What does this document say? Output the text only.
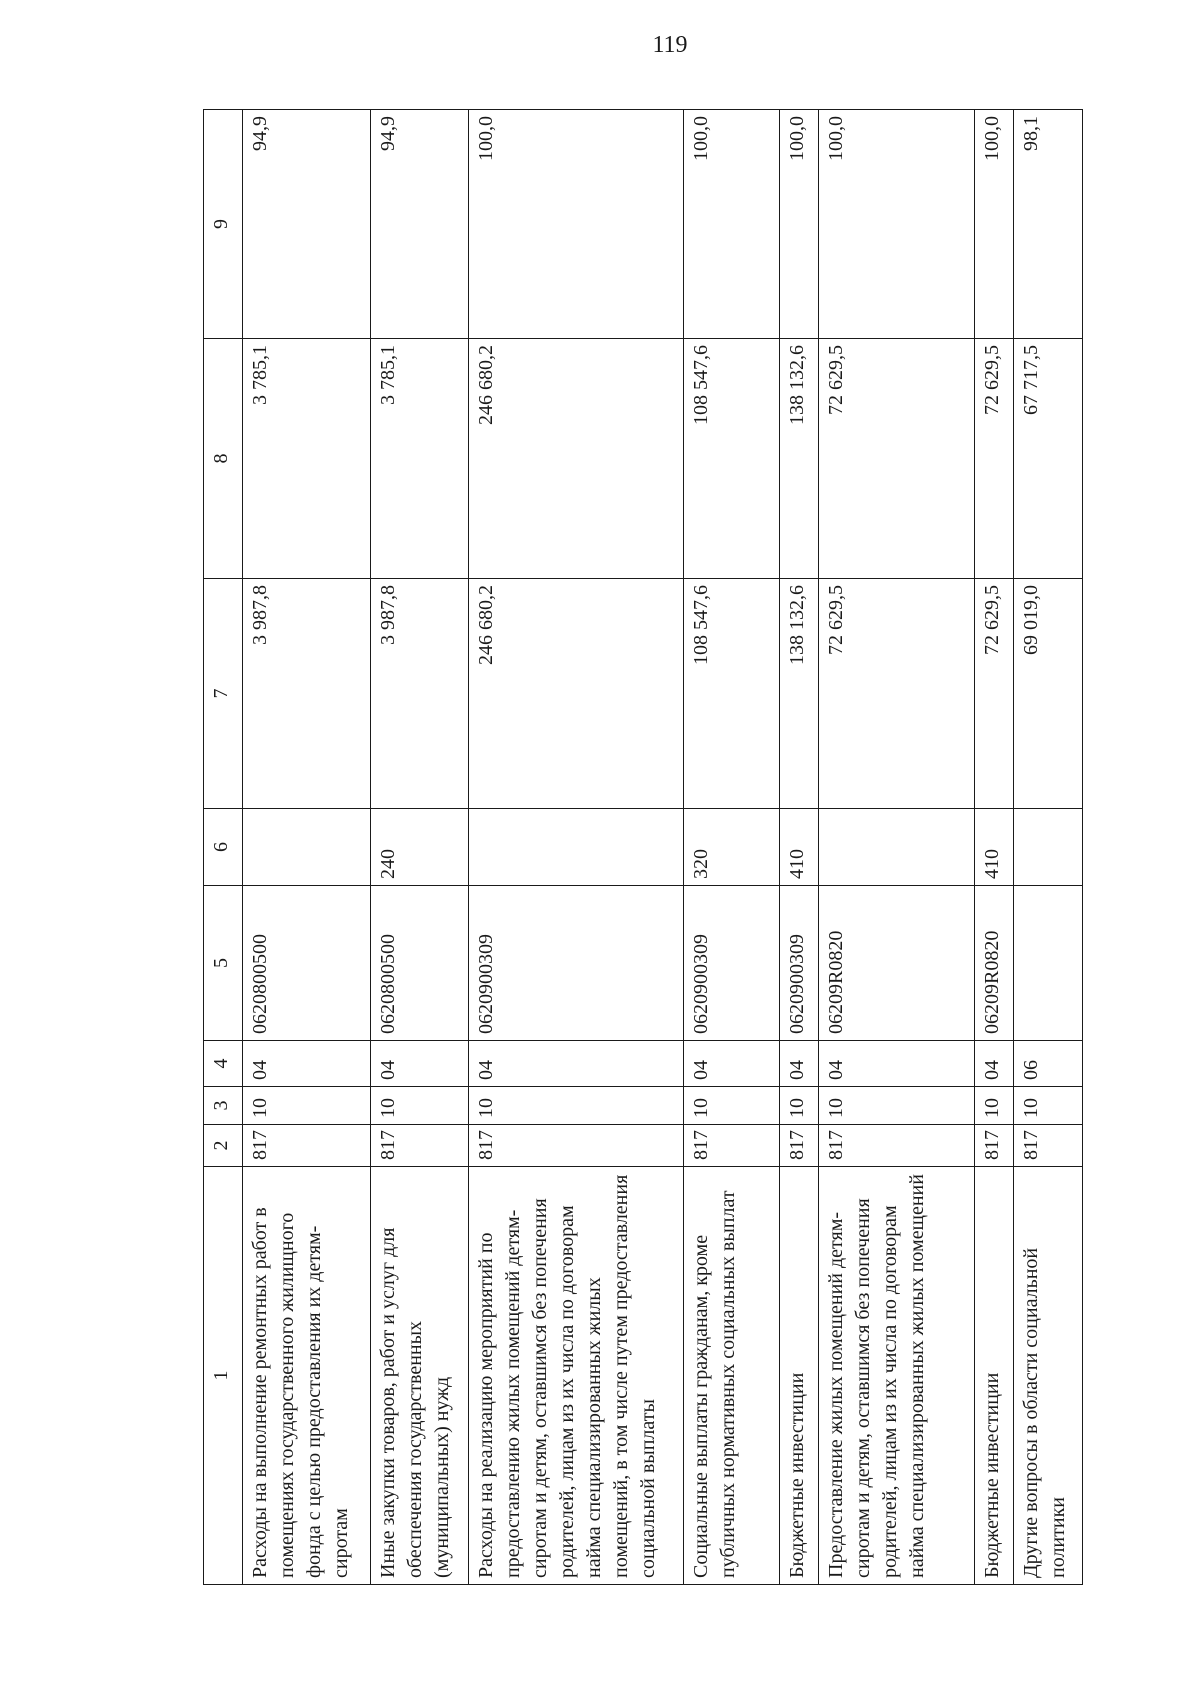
119
1	2	3	4	5	6	7	8	9
Расходы на выполнение ремонтных работ в помещениях государственного жилищного фонда с целью предоставления их детям-сиротам	817	10	04	0620800500		3 987,8	3 785,1	94,9
Иные закупки товаров, работ и услуг для обеспечения государственных (муниципальных) нужд	817	10	04	0620800500	240	3 987,8	3 785,1	94,9
Расходы на реализацию мероприятий по предоставлению жилых помещений детям-сиротам и детям, оставшимся без попечения родителей, лицам из их числа по договорам найма специализированных жилых помещений, в том числе путем предоставления социальной выплаты	817	10	04	0620900309		246 680,2	246 680,2	100,0
Социальные выплаты гражданам, кроме публичных нормативных социальных выплат	817	10	04	0620900309	320	108 547,6	108 547,6	100,0
Бюджетные инвестиции	817	10	04	0620900309	410	138 132,6	138 132,6	100,0
Предоставление жилых помещений детям-сиротам и детям, оставшимся без попечения родителей, лицам из их числа по договорам найма специализированных жилых помещений	817	10	04	06209R0820		72 629,5	72 629,5	100,0
Бюджетные инвестиции	817	10	04	06209R0820	410	72 629,5	72 629,5	100,0
Другие вопросы в области социальной политики	817	10	06			69 019,0	67 717,5	98,1
